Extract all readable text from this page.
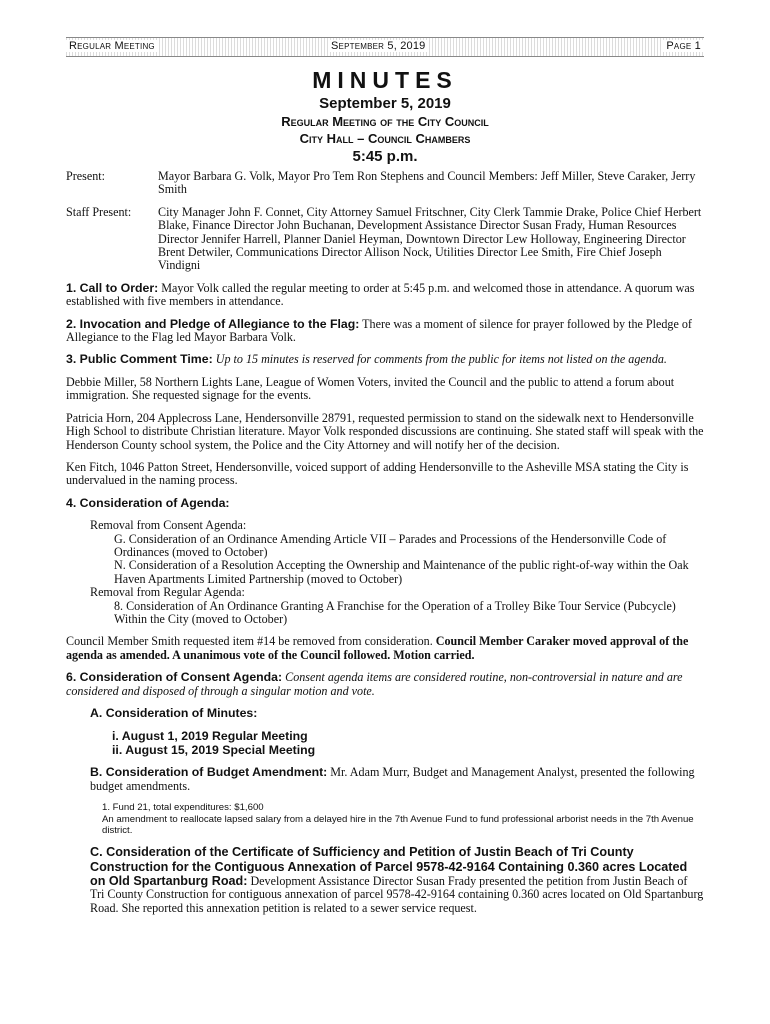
Regular Meeting	September 5, 2019	Page 1
MINUTES
September 5, 2019
Regular Meeting of the City Council
City Hall – Council Chambers
5:45 p.m.
Present:	Mayor Barbara G. Volk, Mayor Pro Tem Ron Stephens and Council Members: Jeff Miller, Steve Caraker, Jerry Smith
Staff Present:	City Manager John F. Connet, City Attorney Samuel Fritschner, City Clerk Tammie Drake, Police Chief Herbert Blake, Finance Director John Buchanan, Development Assistance Director Susan Frady, Human Resources Director Jennifer Harrell, Planner Daniel Heyman, Downtown Director Lew Holloway, Engineering Director Brent Detwiler, Communications Director Allison Nock, Utilities Director Lee Smith, Fire Chief Joseph Vindigni

1. Call to Order: Mayor Volk called the regular meeting to order at 5:45 p.m. and welcomed those in attendance. A quorum was established with five members in attendance.

2. Invocation and Pledge of Allegiance to the Flag: There was a moment of silence for prayer followed by the Pledge of Allegiance to the Flag led Mayor Barbara Volk.

3. Public Comment Time: Up to 15 minutes is reserved for comments from the public for items not listed on the agenda.

Debbie Miller, 58 Northern Lights Lane, League of Women Voters, invited the Council and the public to attend a forum about immigration. She requested signage for the events.

Patricia Horn, 204 Applecross Lane, Hendersonville 28791, requested permission to stand on the sidewalk next to Hendersonville High School to distribute Christian literature. Mayor Volk responded discussions are continuing. She stated staff will speak with the Henderson County school system, the Police and the City Attorney and will notify her of the decision.

Ken Fitch, 1046 Patton Street, Hendersonville, voiced support of adding Hendersonville to the Asheville MSA stating the City is undervalued in the naming process.

4. Consideration of Agenda:

Removal from Consent Agenda:
G. Consideration of an Ordinance Amending Article VII – Parades and Processions of the Hendersonville Code of Ordinances (moved to October)
N. Consideration of a Resolution Accepting the Ownership and Maintenance of the public right-of-way within the Oak Haven Apartments Limited Partnership (moved to October)
Removal from Regular Agenda:
8. Consideration of An Ordinance Granting A Franchise for the Operation of a Trolley Bike Tour Service (Pubcycle) Within the City (moved to October)

Council Member Smith requested item #14 be removed from consideration. Council Member Caraker moved approval of the agenda as amended. A unanimous vote of the Council followed. Motion carried.

6. Consideration of Consent Agenda: Consent agenda items are considered routine, non-controversial in nature and are considered and disposed of through a singular motion and vote.

A. Consideration of Minutes:
i. August 1, 2019 Regular Meeting
ii. August 15, 2019 Special Meeting

B. Consideration of Budget Amendment: Mr. Adam Murr, Budget and Management Analyst, presented the following budget amendments.

1. Fund 21, total expenditures: $1,600
An amendment to reallocate lapsed salary from a delayed hire in the 7th Avenue Fund to fund professional arborist needs in the 7th Avenue district.

C. Consideration of the Certificate of Sufficiency and Petition of Justin Beach of Tri County Construction for the Contiguous Annexation of Parcel 9578-42-9164 Containing 0.360 acres Located on Old Spartanburg Road: Development Assistance Director Susan Frady presented the petition from Justin Beach of Tri County Construction for contiguous annexation of parcel 9578-42-9164 containing 0.360 acres located on Old Spartanburg Road. She reported this annexation petition is related to a sewer service request.
